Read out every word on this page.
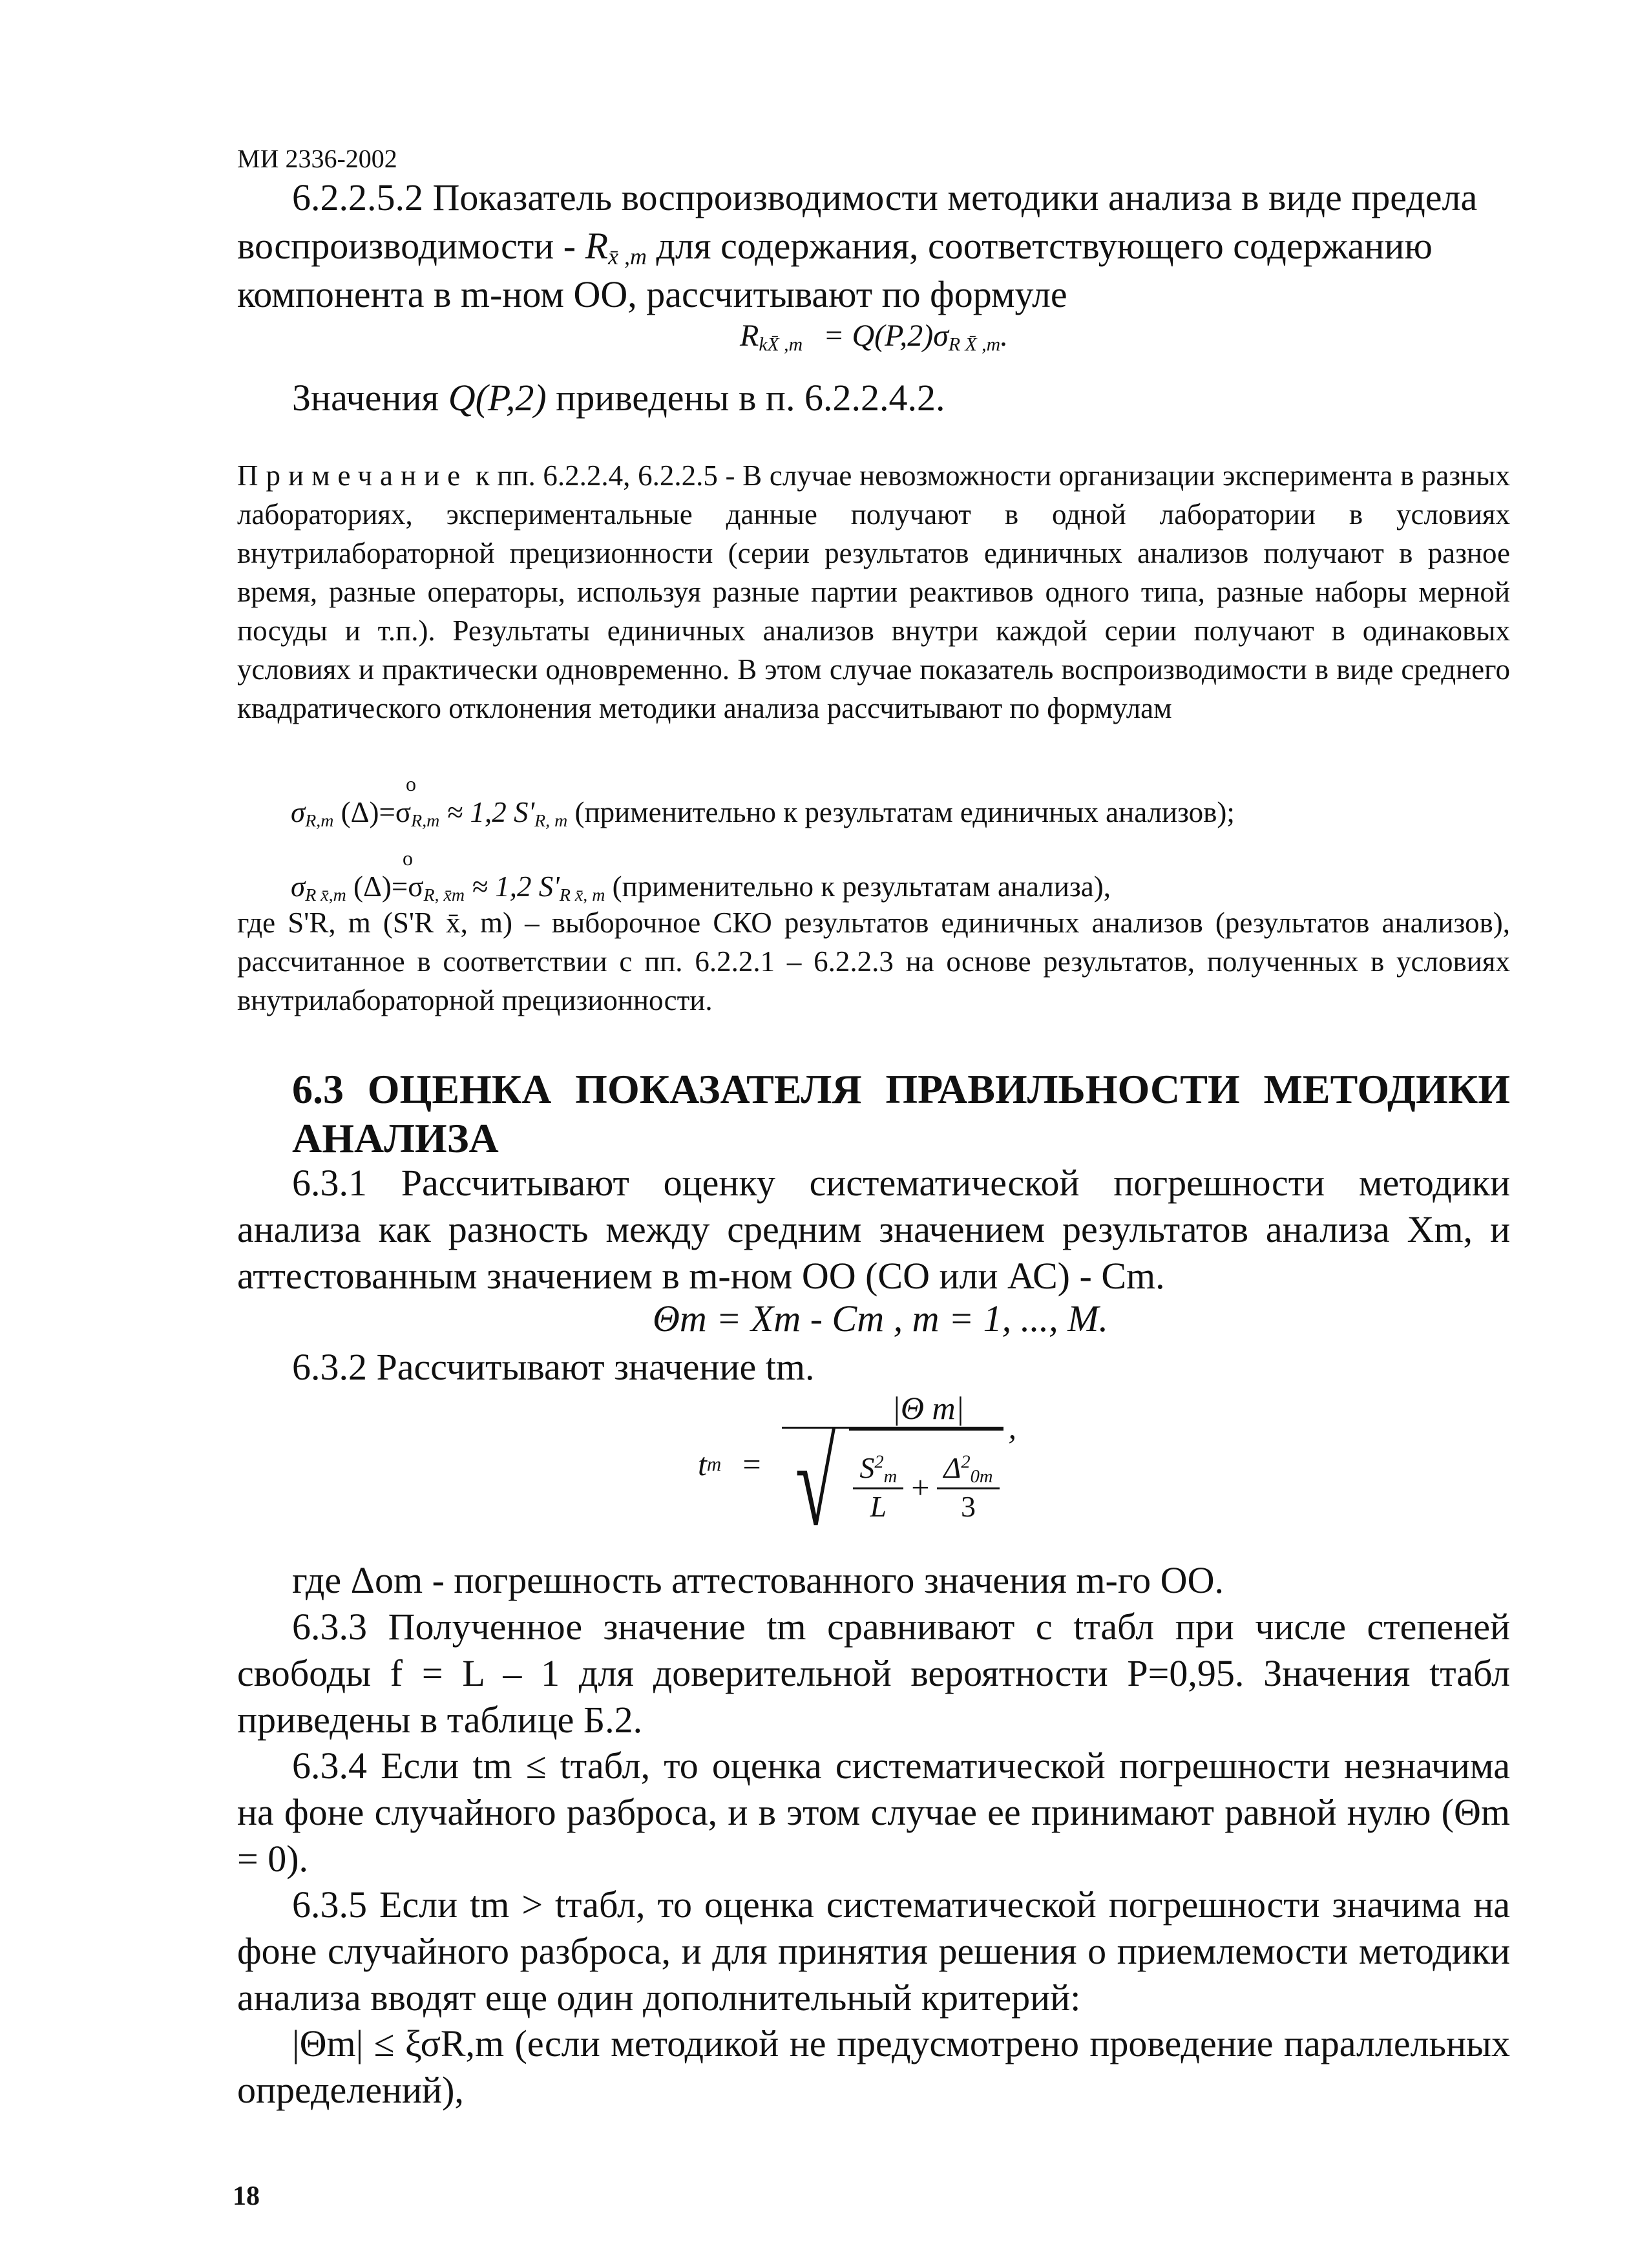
МИ 2336-2002
6.2.2.5.2 Показатель воспроизводимости методики анализа в виде предела
воспроизводимости - $R_{x̄ ,m}$ для содержания, соответствующего содержанию
компонента в m-ном ОО, рассчитывают по формуле
$R_{kX̄ ,m} = Q(P,2)\sigma_{R X̄ ,m}$.
Значения Q(P,2) приведены в п. 6.2.2.4.2.
Примечание к пп. 6.2.2.4, 6.2.2.5 - В случае невозможности организации эксперимента в разных лабораториях, экспериментальные данные получают в одной лаборатории в условиях внутрилабораторной прецизионности (серии результатов единичных анализов получают в разное время, разные операторы, используя разные партии реактивов одного типа, разные наборы мерной посуды и т.п.). Результаты единичных анализов внутри каждой серии получают в одинаковых условиях и практически одновременно. В этом случае показатель воспроизводимости в виде среднего квадратического отклонения методики анализа рассчитывают по формулам
о
$\sigma_{R,m}$ $(\Delta)=\sigma_{R,m} \approx 1,2$ $S'_{R, m}$ (применительно к результатам единичных анализов);
о
$\sigma_{R x̄,m}$ $(\Delta)=\sigma_{R, x̄m} \approx 1,2$ $S'_{R x̄, m}$ (применительно к результатам анализа),
где S'R, m (S'R x̄, m) – выборочное СКО результатов единичных анализов (результатов анализов), рассчитанное в соответствии с пп. 6.2.2.1 – 6.2.2.3 на основе результатов, полученных в условиях внутрилабораторной прецизионности.
6.3 ОЦЕНКА ПОКАЗАТЕЛЯ ПРАВИЛЬНОСТИ МЕТОДИКИ АНАЛИЗА
6.3.1 Рассчитывают оценку систематической погрешности методики анализа как разность между средним значением результатов анализа Xm, и аттестованным значением в m-ном ОО (СО или АС) - Cm.
Θm = Xm - Cm , m = 1, ..., M.
6.3.2 Рассчитывают значение tm.
t m =
|Θ m|
√ $\frac{S^2_m}{L} + \frac{\Delta^2_{0m}}{3}$
,
где Δom - погрешность аттестованного значения m-го ОО.
6.3.3 Полученное значение tm сравнивают с tтабл при числе степеней свободы f = L – 1 для доверительной вероятности P=0,95. Значения tтабл приведены в таблице Б.2.
6.3.4 Если tm ≤ tтабл, то оценка систематической погрешности незначима на фоне случайного разброса, и в этом случае ее принимают равной нулю (Θm = 0).
6.3.5 Если tm > tтабл, то оценка систематической погрешности значима на фоне случайного разброса, и для принятия решения о приемлемости методики анализа вводят еще один дополнительный критерий:
|Θm| ≤ ξσR,m (если методикой не предусмотрено проведение параллельных определений),
18
